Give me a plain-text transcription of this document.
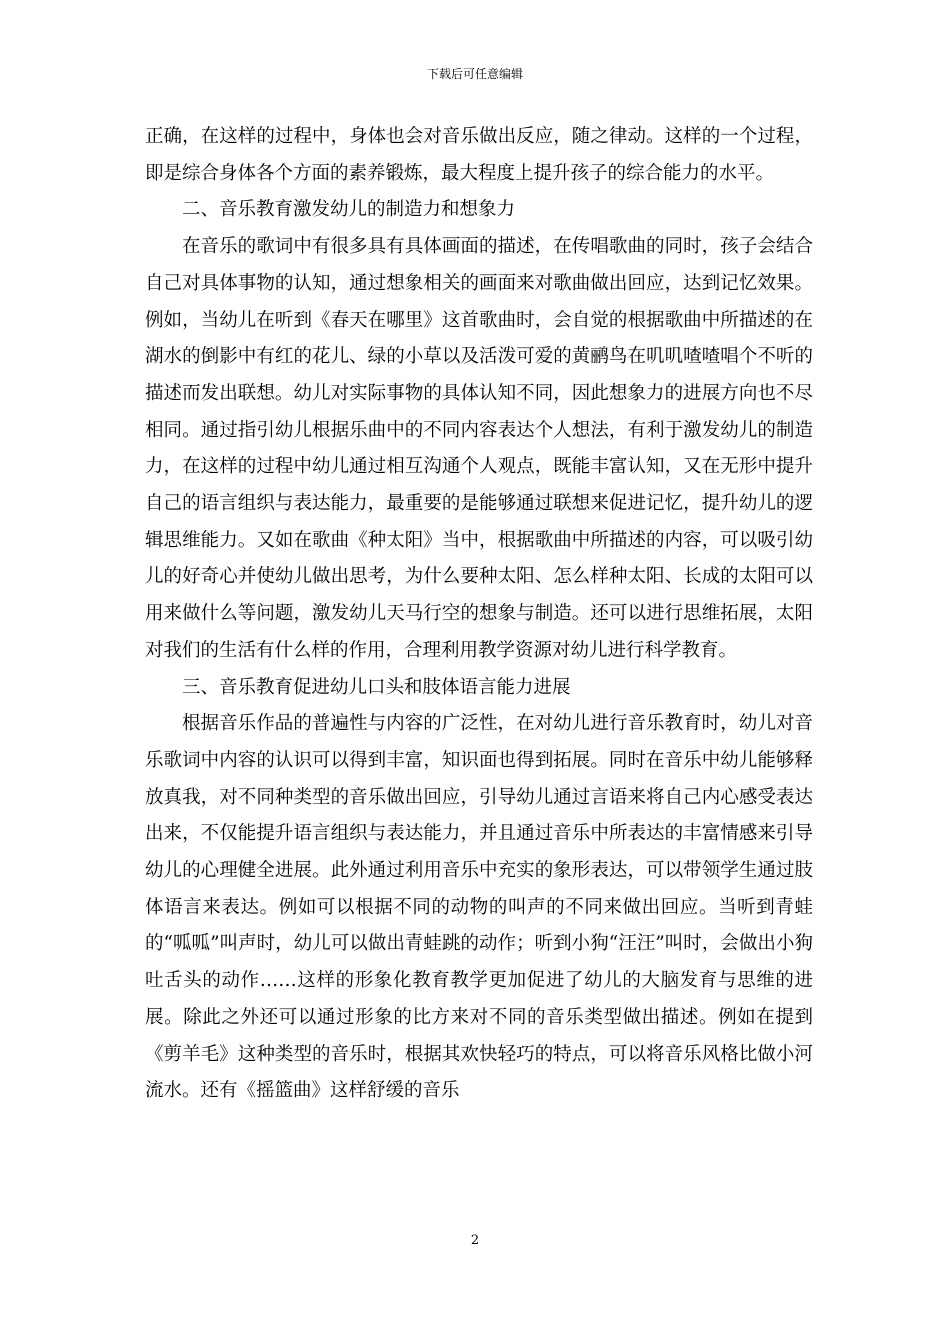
下载后可任意编辑

正确，在这样的过程中，身体也会对音乐做出反应，随之律动。这样的一个过程，即是综合身体各个方面的素养锻炼，最大程度上提升孩子的综合能力的水平。

二、音乐教育激发幼儿的制造力和想象力

在音乐的歌词中有很多具有具体画面的描述，在传唱歌曲的同时，孩子会结合自己对具体事物的认知，通过想象相关的画面来对歌曲做出回应，达到记忆效果。例如，当幼儿在听到《春天在哪里》这首歌曲时，会自觉的根据歌曲中所描述的在湖水的倒影中有红的花儿、绿的小草以及活泼可爱的黄鹂鸟在叽叽喳喳唱个不听的描述而发出联想。幼儿对实际事物的具体认知不同，因此想象力的进展方向也不尽相同。通过指引幼儿根据乐曲中的不同内容表达个人想法，有利于激发幼儿的制造力，在这样的过程中幼儿通过相互沟通个人观点，既能丰富认知，又在无形中提升自己的语言组织与表达能力，最重要的是能够通过联想来促进记忆，提升幼儿的逻辑思维能力。又如在歌曲《种太阳》当中，根据歌曲中所描述的内容，可以吸引幼儿的好奇心并使幼儿做出思考，为什么要种太阳、怎么样种太阳、长成的太阳可以用来做什么等问题，激发幼儿天马行空的想象与制造。还可以进行思维拓展，太阳对我们的生活有什么样的作用，合理利用教学资源对幼儿进行科学教育。

三、音乐教育促进幼儿口头和肢体语言能力进展

根据音乐作品的普遍性与内容的广泛性，在对幼儿进行音乐教育时，幼儿对音乐歌词中内容的认识可以得到丰富，知识面也得到拓展。同时在音乐中幼儿能够释放真我，对不同种类型的音乐做出回应，引导幼儿通过言语来将自己内心感受表达出来，不仅能提升语言组织与表达能力，并且通过音乐中所表达的丰富情感来引导幼儿的心理健全进展。此外通过利用音乐中充实的象形表达，可以带领学生通过肢体语言来表达。例如可以根据不同的动物的叫声的不同来做出回应。当听到青蛙的“呱呱”叫声时，幼儿可以做出青蛙跳的动作；听到小狗“汪汪”叫时，会做出小狗吐舌头的动作……这样的形象化教育教学更加促进了幼儿的大脑发育与思维的进展。除此之外还可以通过形象的比方来对不同的音乐类型做出描述。例如在提到《剪羊毛》这种类型的音乐时，根据其欢快轻巧的特点，可以将音乐风格比做小河流水。还有《摇篮曲》这样舒缓的音乐

2
